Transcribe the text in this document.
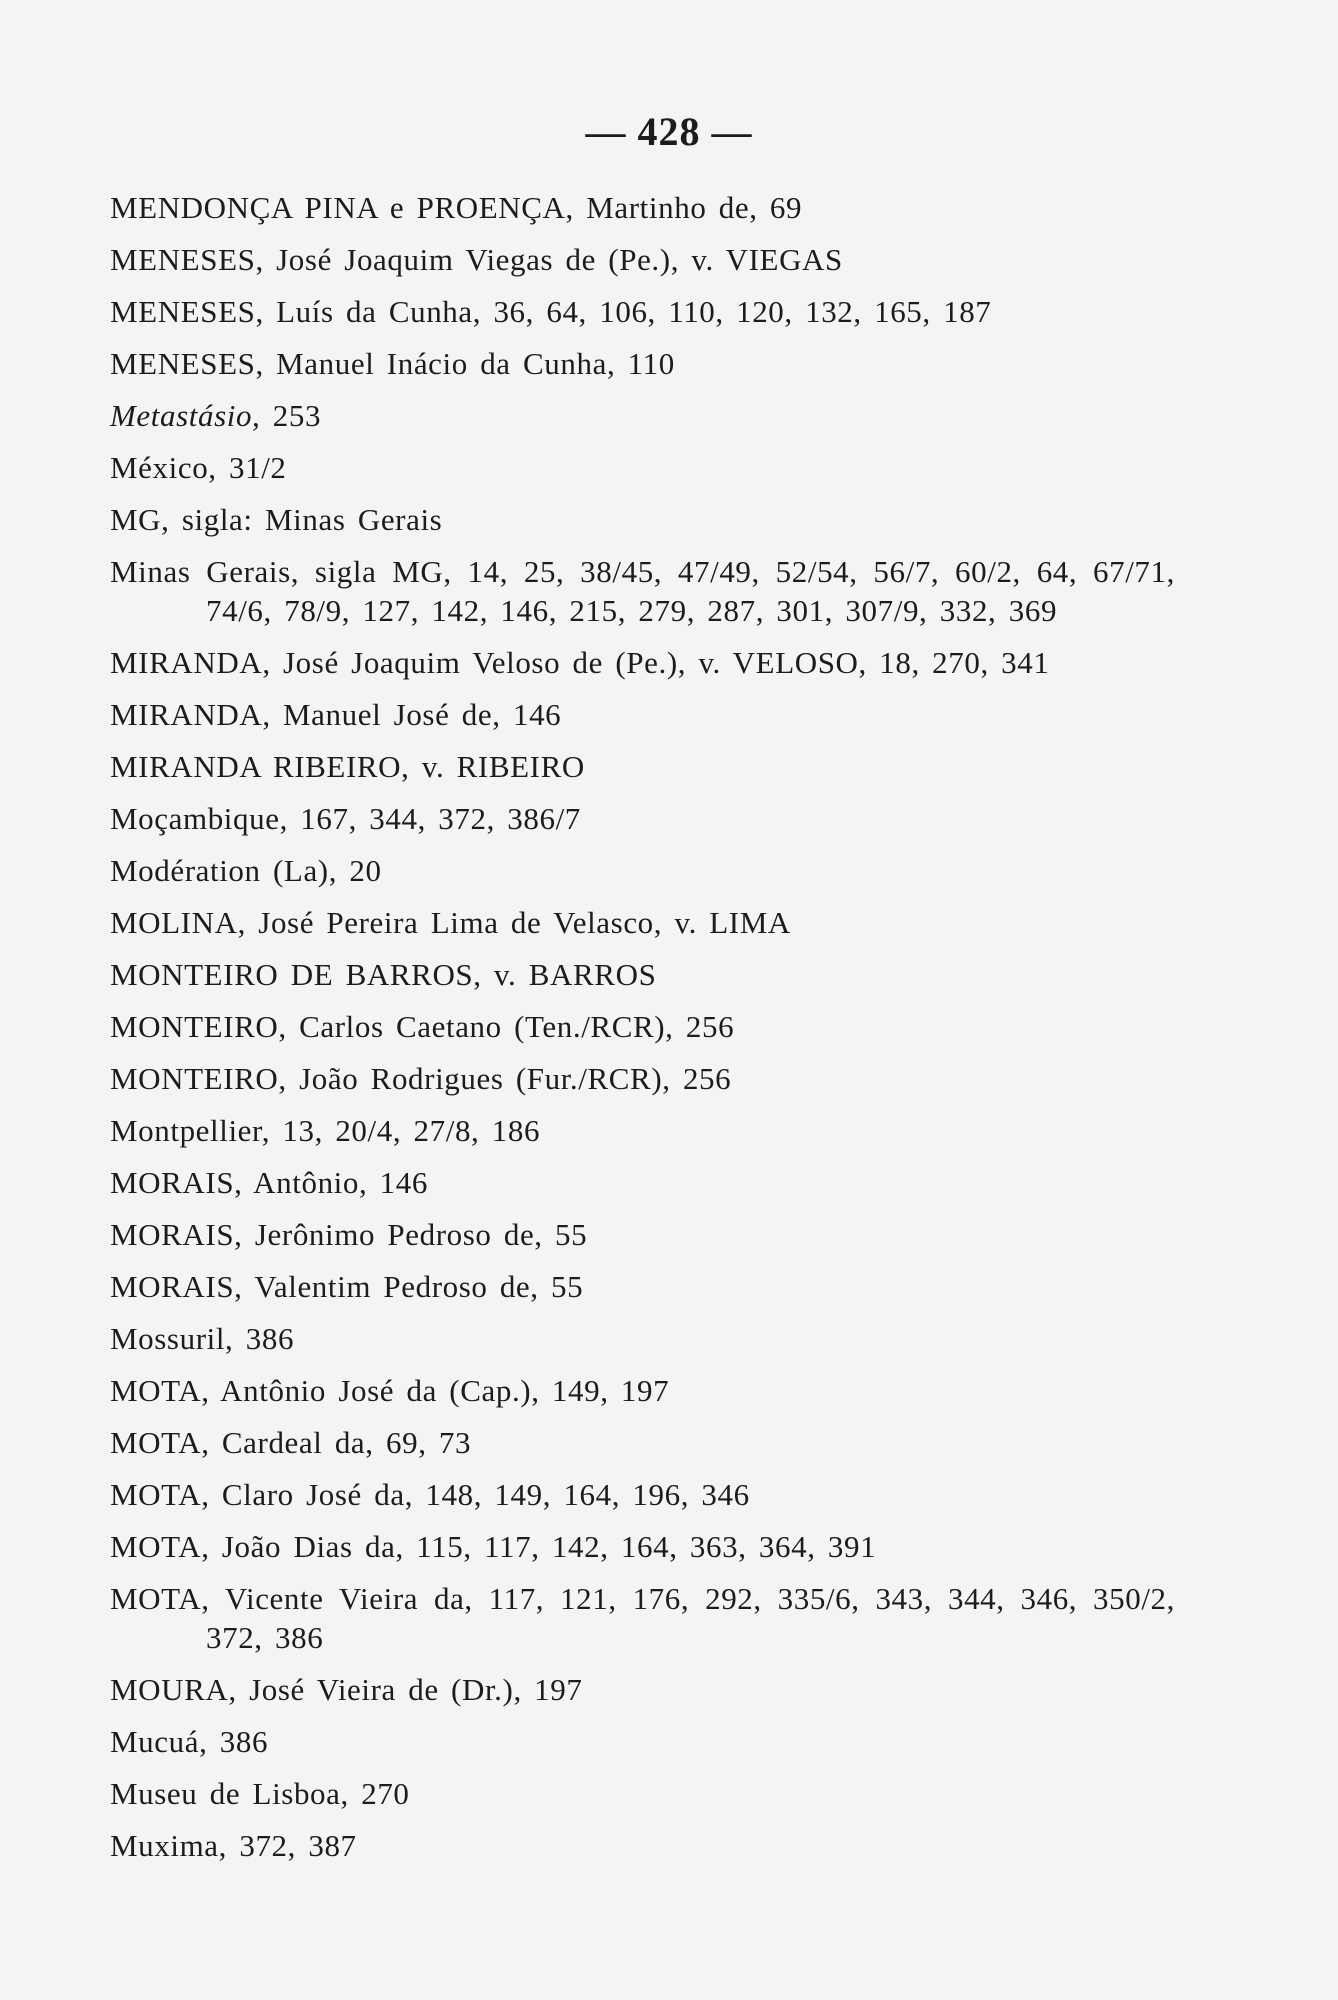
— 428 —
MENDONÇA PINA e PROENÇA, Martinho de, 69
MENESES, José Joaquim Viegas de (Pe.), v. VIEGAS
MENESES, Luís da Cunha, 36, 64, 106, 110, 120, 132, 165, 187
MENESES, Manuel Inácio da Cunha, 110
Metastásio, 253
México, 31/2
MG, sigla: Minas Gerais
Minas Gerais, sigla MG, 14, 25, 38/45, 47/49, 52/54, 56/7, 60/2, 64, 67/71, 74/6, 78/9, 127, 142, 146, 215, 279, 287, 301, 307/9, 332, 369
MIRANDA, José Joaquim Veloso de (Pe.), v. VELOSO, 18, 270, 341
MIRANDA, Manuel José de, 146
MIRANDA RIBEIRO, v. RIBEIRO
Moçambique, 167, 344, 372, 386/7
Modération (La), 20
MOLINA, José Pereira Lima de Velasco, v. LIMA
MONTEIRO DE BARROS, v. BARROS
MONTEIRO, Carlos Caetano (Ten./RCR), 256
MONTEIRO, João Rodrigues (Fur./RCR), 256
Montpellier, 13, 20/4, 27/8, 186
MORAIS, Antônio, 146
MORAIS, Jerônimo Pedroso de, 55
MORAIS, Valentim Pedroso de, 55
Mossuril, 386
MOTA, Antônio José da (Cap.), 149, 197
MOTA, Cardeal da, 69, 73
MOTA, Claro José da, 148, 149, 164, 196, 346
MOTA, João Dias da, 115, 117, 142, 164, 363, 364, 391
MOTA, Vicente Vieira da, 117, 121, 176, 292, 335/6, 343, 344, 346, 350/2, 372, 386
MOURA, José Vieira de (Dr.), 197
Mucuá, 386
Museu de Lisboa, 270
Muxima, 372, 387
